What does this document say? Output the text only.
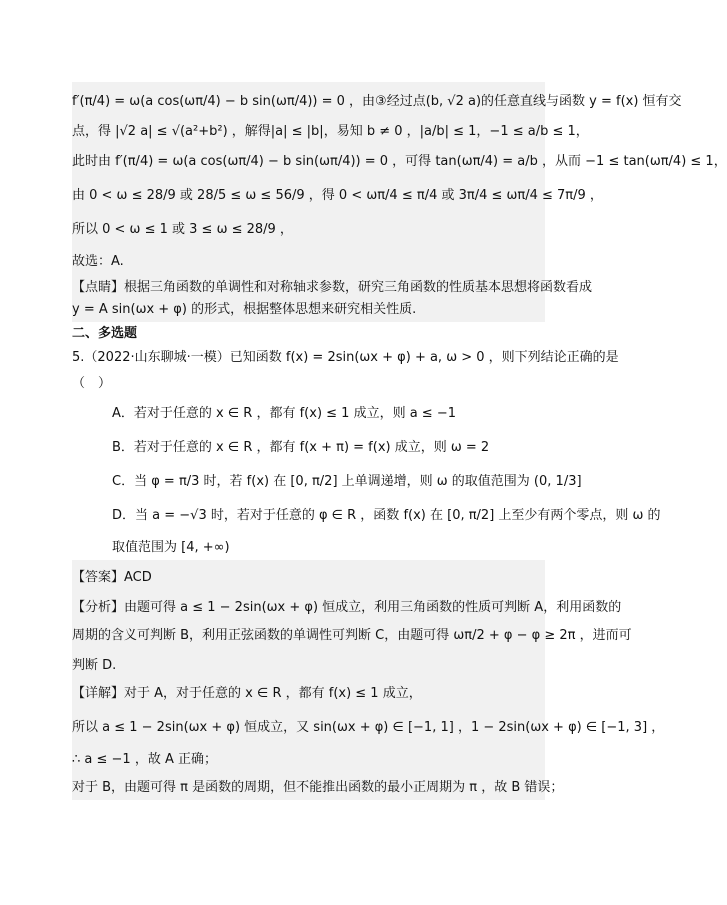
f′(π/4) = ω(a cos(ωπ/4) − b sin(ωπ/4)) = 0 ，由③经过点(b, √2 a)的任意直线与函数 y = f(x) 恒有交
点，得 |√2 a| ≤ √(a²+b²) ，解得|a| ≤ |b|，易知 b ≠ 0 ，|a/b| ≤ 1，−1 ≤ a/b ≤ 1，
此时由 f′(π/4) = ω(a cos(ωπ/4) − b sin(ωπ/4)) = 0 ，可得 tan(ωπ/4) = a/b ，从而 −1 ≤ tan(ωπ/4) ≤ 1，
由 0 < ω ≤ 28/9 或 28/5 ≤ ω ≤ 56/9 ，得 0 < ωπ/4 ≤ π/4 或 3π/4 ≤ ωπ/4 ≤ 7π/9 ，
所以 0 < ω ≤ 1 或 3 ≤ ω ≤ 28/9 ，
故选：A.
【点睛】根据三角函数的单调性和对称轴求参数，研究三角函数的性质基本思想将函数看成
y = A sin(ωx + φ) 的形式，根据整体思想来研究相关性质.
二、多选题
5.（2022·山东聊城·一模）已知函数 f(x) = 2sin(ωx + φ) + a, ω > 0 ，则下列结论正确的是
（　）
A．若对于任意的 x ∈ R ，都有 f(x) ≤ 1 成立，则 a ≤ −1
B．若对于任意的 x ∈ R ，都有 f(x + π) = f(x) 成立，则 ω = 2
C．当 φ = π/3 时，若 f(x) 在 [0, π/2] 上单调递增，则 ω 的取值范围为 (0, 1/3]
D．当 a = −√3 时，若对于任意的 φ ∈ R ，函数 f(x) 在 [0, π/2] 上至少有两个零点，则 ω 的
取值范围为 [4, +∞)
【答案】ACD
【分析】由题可得 a ≤ 1 − 2sin(ωx + φ) 恒成立，利用三角函数的性质可判断 A，利用函数的
周期的含义可判断 B，利用正弦函数的单调性可判断 C，由题可得 ωπ/2 + φ − φ ≥ 2π ，进而可
判断 D.
【详解】对于 A，对于任意的 x ∈ R ，都有 f(x) ≤ 1 成立，
所以 a ≤ 1 − 2sin(ωx + φ) 恒成立，又 sin(ωx + φ) ∈ [−1, 1] ，1 − 2sin(ωx + φ) ∈ [−1, 3] ，
∴ a ≤ −1 ，故 A 正确；
对于 B，由题可得 π 是函数的周期，但不能推出函数的最小正周期为 π ，故 B 错误；
